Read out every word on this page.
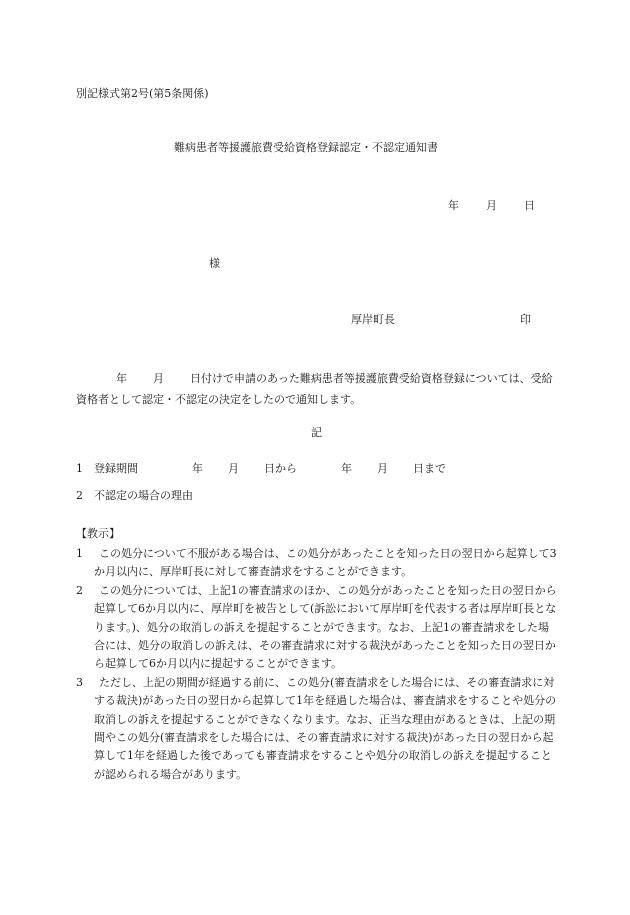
別記様式第2号(第5条関係)
難病患者等援護旅費受給資格登録認定・不認定通知書
年 月 日
様
厚岸町長	印
年 月 日付けで申請のあった難病患者等援護旅費受給資格登録については、受給資格者として認定・不認定の決定をしたので通知します。
記
1　登録期間	年 月 日から	年 月 日まで
2　不認定の場合の理由
【教示】

1 この処分について不服がある場合は、この処分があったことを知った日の翌日から起算して3か月以内に、厚岸町長に対して審査請求をすることができます。

2 この処分については、上記1の審査請求のほか、この処分があったことを知った日の翌日から起算して6か月以内に、厚岸町を被告として(訴訟において厚岸町を代表する者は厚岸町長となります。)、処分の取消しの訴えを提起することができます。なお、上記1の審査請求をした場合には、処分の取消しの訴えは、その審査請求に対する裁決があったことを知った日の翌日から起算して6か月以内に提起することができます。

3 ただし、上記の期間が経過する前に、この処分(審査請求をした場合には、その審査請求に対する裁決)があった日の翌日から起算して1年を経過した場合は、審査請求をすることや処分の取消しの訴えを提起することができなくなります。なお、正当な理由があるときは、上記の期間やこの処分(審査請求をした場合には、その審査請求に対する裁決)があった日の翌日から起算して1年を経過した後であっても審査請求をすることや処分の取消しの訴えを提起することが認められる場合があります。
